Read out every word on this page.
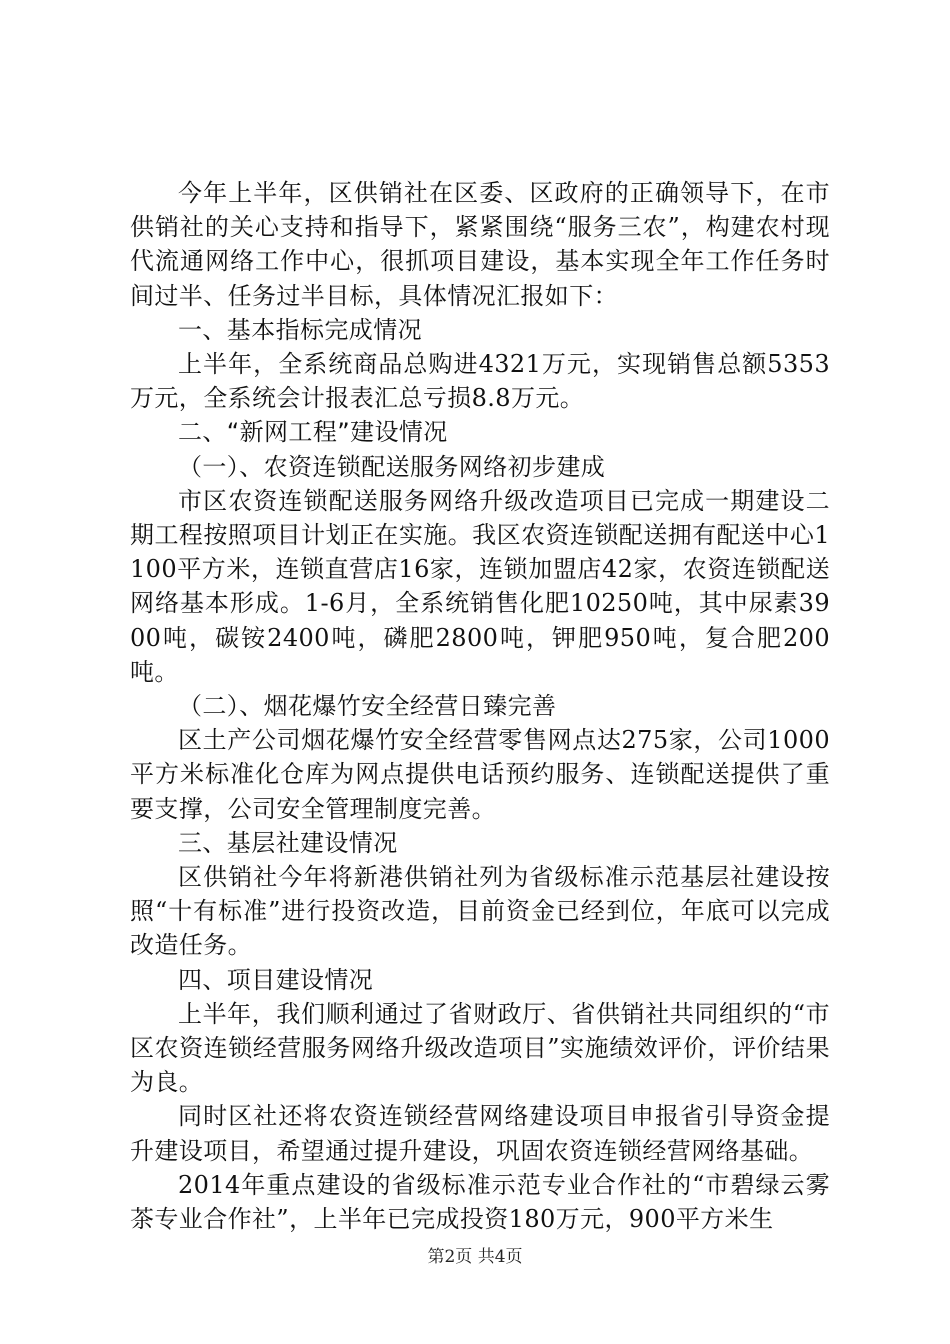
今年上半年，区供销社在区委、区政府的正确领导下，在市供销社的关心支持和指导下，紧紧围绕“服务三农”，构建农村现代流通网络工作中心，很抓项目建设，基本实现全年工作任务时间过半、任务过半目标，具体情况汇报如下：

一、基本指标完成情况

上半年，全系统商品总购进4321万元，实现销售总额5353万元，全系统会计报表汇总亏损8.8万元。

二、“新网工程”建设情况
（一）、农资连锁配送服务网络初步建成

市区农资连锁配送服务网络升级改造项目已完成一期建设二期工程按照项目计划正在实施。我区农资连锁配送拥有配送中心1100平方米，连锁直营店16家，连锁加盟店42家，农资连锁配送网络基本形成。1-6月，全系统销售化肥10250吨，其中尿素3900吨，碳铵2400吨，磷肥2800吨，钾肥950吨，复合肥200吨。

（二）、烟花爆竹安全经营日臻完善

区土产公司烟花爆竹安全经营零售网点达275家，公司1000平方米标准化仓库为网点提供电话预约服务、连锁配送提供了重要支撑，公司安全管理制度完善。

三、基层社建设情况

区供销社今年将新港供销社列为省级标准示范基层社建设按照“十有标准”进行投资改造，目前资金已经到位，年底可以完成改造任务。

四、项目建设情况

上半年，我们顺利通过了省财政厅、省供销社共同组织的“市区农资连锁经营服务网络升级改造项目”实施绩效评价，评价结果为良。

同时区社还将农资连锁经营网络建设项目申报省引导资金提升建设项目，希望通过提升建设，巩固农资连锁经营网络基础。

2014年重点建设的省级标准示范专业合作社的“市碧绿云雾茶专业合作社”，上半年已完成投资180万元，900平方米生

第2页 共4页
